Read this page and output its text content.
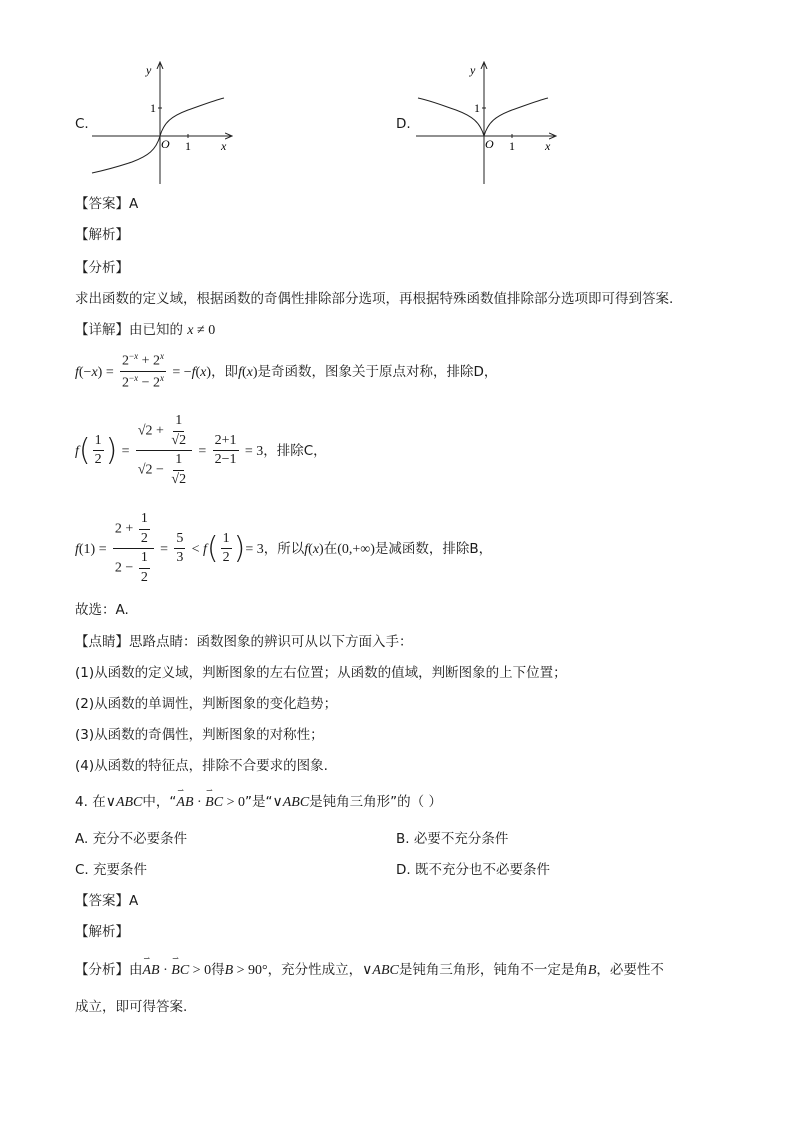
C.
y
x
1
1
O
D.
y
x
1
1
O
【答案】A
【解析】
【分析】
求出函数的定义域，根据函数的奇偶性排除部分选项，再根据特殊函数值排除部分选项即可得到答案.
【详解】由已知的 x ≠ 0
$f(-x) = \frac{2^{-x} + 2^x}{2^{-x} - 2^x} = -f(x)$，即f(x)是奇函数，图象关于原点对称，排除D，
$f( \frac{1}{2}$ ) = $\frac{√2 + \frac{1}{√2}}{√2 - \frac{1}{√2}} = \frac{2+1}{2-1} = 3$，排除C，
$f(1) = \frac{2 + \frac{1}{2}}{2 - \frac{1}{2}} = \frac{5}{3} < f( \frac{1}{2}$ )= 3，所以f(x)在(0,+∞)是减函数，排除B，
故选：A.
【点睛】思路点睛：函数图象的辨识可从以下方面入手：
(1)从函数的定义域，判断图象的左右位置；从函数的值域，判断图象的上下位置；
(2)从函数的单调性，判断图象的变化趋势；
(3)从函数的奇偶性，判断图象的对称性；
(4)从函数的特征点，排除不合要求的图象.
4. 在∨ABC中，“⇀ AB · ⇀ BC > 0”是“∨ABC是钝角三角形”的（ ）
A. 充分不必要条件	B. 必要不充分条件
C. 充要条件	D. 既不充分也不必要条件
【答案】A
【解析】
【分析】由⇀ AB · ⇀ BC > 0得B > 90°，充分性成立，∨ABC是钝角三角形，钝角不一定是角B，必要性不
成立，即可得答案.
